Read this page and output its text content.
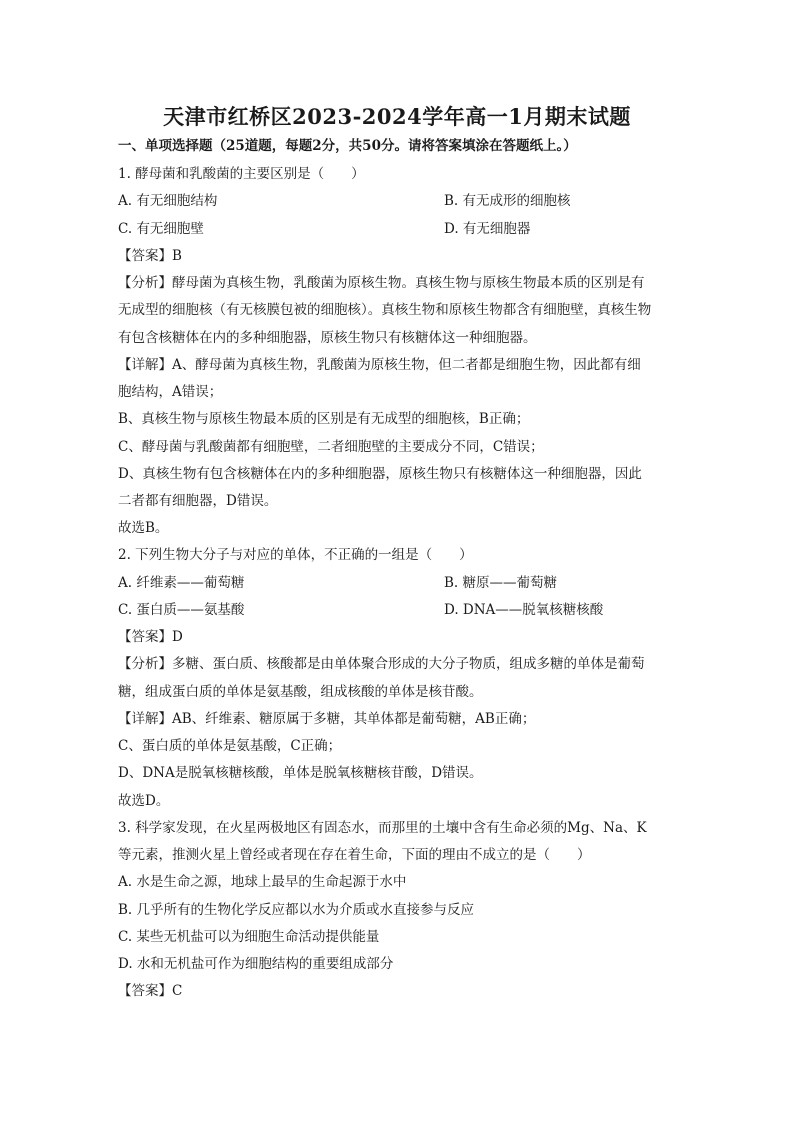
天津市红桥区2023-2024学年高一1月期末试题
一、单项选择题（25道题，每题2分，共50分。请将答案填涂在答题纸上。）
1. 酵母菌和乳酸菌的主要区别是（　　）
A. 有无细胞结构	B. 有无成形的细胞核
C. 有无细胞壁	D. 有无细胞器
【答案】B
【分析】酵母菌为真核生物，乳酸菌为原核生物。真核生物与原核生物最本质的区别是有
无成型的细胞核（有无核膜包被的细胞核）。真核生物和原核生物都含有细胞壁，真核生物
有包含核糖体在内的多种细胞器，原核生物只有核糖体这一种细胞器。
【详解】A、酵母菌为真核生物，乳酸菌为原核生物，但二者都是细胞生物，因此都有细
胞结构，A错误；
B、真核生物与原核生物最本质的区别是有无成型的细胞核，B正确；
C、酵母菌与乳酸菌都有细胞壁，二者细胞壁的主要成分不同，C错误；
D、真核生物有包含核糖体在内的多种细胞器，原核生物只有核糖体这一种细胞器，因此
二者都有细胞器，D错误。
故选B。
2. 下列生物大分子与对应的单体，不正确的一组是（　　）
A. 纤维素——葡萄糖	B. 糖原——葡萄糖
C. 蛋白质——氨基酸	D. DNA——脱氧核糖核酸
【答案】D
【分析】多糖、蛋白质、核酸都是由单体聚合形成的大分子物质，组成多糖的单体是葡萄
糖，组成蛋白质的单体是氨基酸，组成核酸的单体是核苷酸。
【详解】AB、纤维素、糖原属于多糖，其单体都是葡萄糖，AB正确；
C、蛋白质的单体是氨基酸，C正确；
D、DNA是脱氧核糖核酸，单体是脱氧核糖核苷酸，D错误。
故选D。
3. 科学家发现，在火星两极地区有固态水，而那里的土壤中含有生命必须的Mg、Na、K
等元素，推测火星上曾经或者现在存在着生命，下面的理由不成立的是（　　）
A. 水是生命之源，地球上最早的生命起源于水中
B. 几乎所有的生物化学反应都以水为介质或水直接参与反应
C. 某些无机盐可以为细胞生命活动提供能量
D. 水和无机盐可作为细胞结构的重要组成部分
【答案】C
